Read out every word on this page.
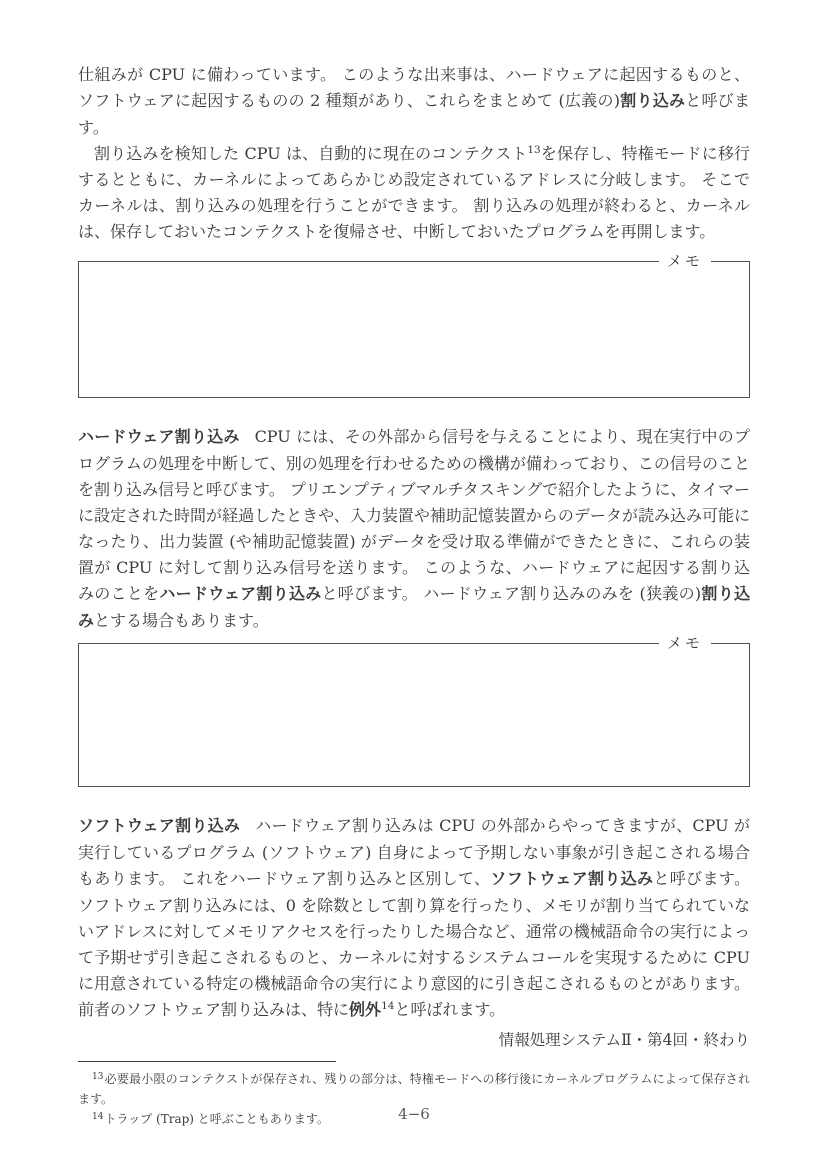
仕組みが CPU に備わっています。 このような出来事は、ハードウェアに起因するものと、ソフトウェアに起因するものの 2 種類があり、これらをまとめて (広義の)割り込みと呼びます。

割り込みを検知した CPU は、自動的に現在のコンテクスト$^{13}$を保存し、特権モードに移行するとともに、カーネルによってあらかじめ設定されているアドレスに分岐します。 そこでカーネルは、割り込みの処理を行うことができます。 割り込みの処理が終わると、カーネルは、保存しておいたコンテクストを復帰させ、中断しておいたプログラムを再開します。

メモ

ハードウェア割り込み CPU には、その外部から信号を与えることにより、現在実行中のプログラムの処理を中断して、別の処理を行わせるための機構が備わっており、この信号のことを割り込み信号と呼びます。 プリエンプティブマルチタスキングで紹介したように、タイマーに設定された時間が経過したときや、入力装置や補助記憶装置からのデータが読み込み可能になったり、出力装置 (や補助記憶装置) がデータを受け取る準備ができたときに、これらの装置が CPU に対して割り込み信号を送ります。 このような、ハードウェアに起因する割り込みのことをハードウェア割り込みと呼びます。 ハードウェア割り込みのみを (狭義の)割り込みとする場合もあります。

メモ

ソフトウェア割り込み ハードウェア割り込みは CPU の外部からやってきますが、CPU が実行しているプログラム (ソフトウェア) 自身によって予期しない事象が引き起こされる場合もあります。 これをハードウェア割り込みと区別して、ソフトウェア割り込みと呼びます。 ソフトウェア割り込みには、0 を除数として割り算を行ったり、メモリが割り当てられていないアドレスに対してメモリアクセスを行ったりした場合など、通常の機械語命令の実行によって予期せず引き起こされるものと、カーネルに対するシステムコールを実現するために CPU に用意されている特定の機械語命令の実行により意図的に引き起こされるものとがあります。 前者のソフトウェア割り込みは、特に例外$^{14}$と呼ばれます。

情報処理システムⅡ・第4回・終わり

$^{13}$必要最小限のコンテクストが保存され、残りの部分は、特権モードへの移行後にカーネルプログラムによって保存されます。

$^{14}$トラップ (Trap) と呼ぶこともあります。	4−6
